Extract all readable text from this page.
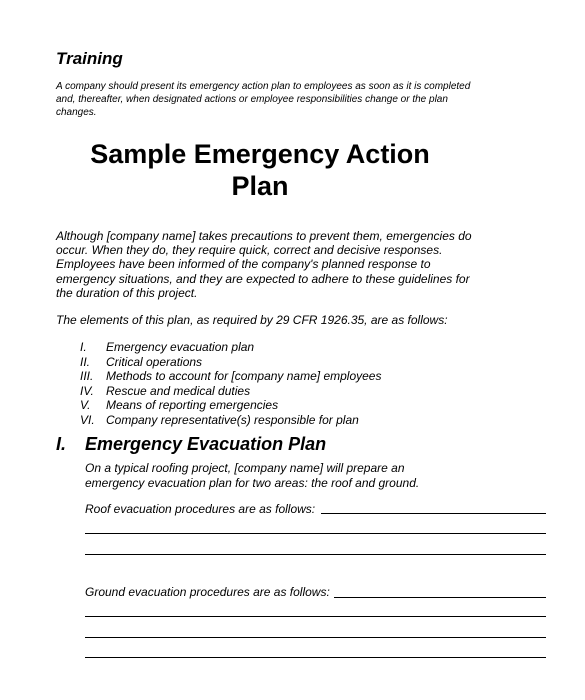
Training
A company should present its emergency action plan to employees as soon as it is completed and, thereafter, when designated actions or employee responsibilities change or the plan changes.
Sample Emergency Action
Plan
Although [company name] takes precautions to prevent them, emergencies do occur. When they do, they require quick, correct and decisive responses. Employees have been informed of the company's planned response to emergency situations, and they are expected to adhere to these guidelines for the duration of this project.
The elements of this plan, as required by 29 CFR 1926.35, are as follows:
I. Emergency evacuation plan
II. Critical operations
III. Methods to account for [company name] employees
IV. Rescue and medical duties
V. Means of reporting emergencies
VI. Company representative(s) responsible for plan
I. Emergency Evacuation Plan
On a typical roofing project, [company name] will prepare an emergency evacuation plan for two areas: the roof and ground.
Roof evacuation procedures are as follows:
Ground evacuation procedures are as follows:
